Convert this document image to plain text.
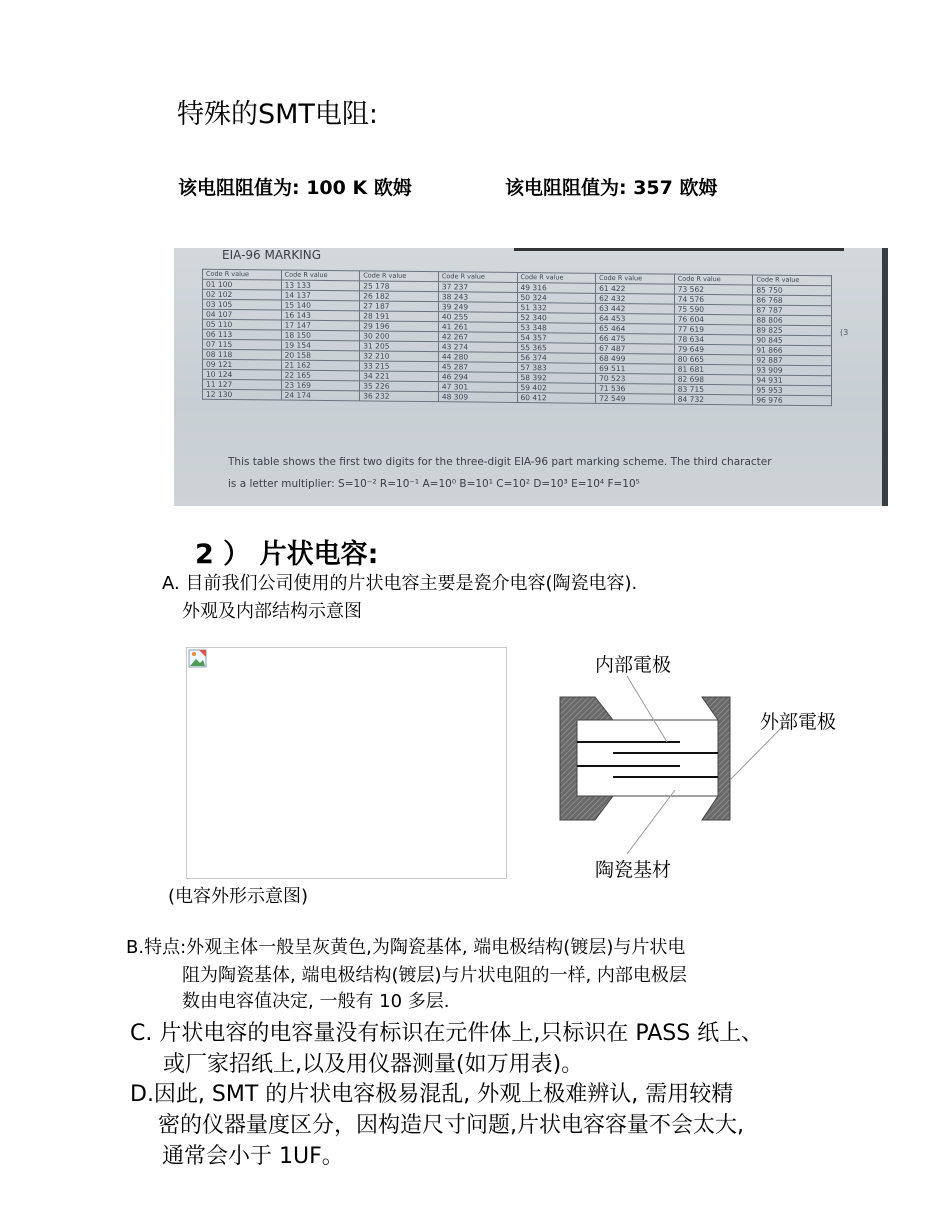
特殊的SMT电阻:
该电阻阻值为: 100 K 欧姆	该电阻阻值为: 357 欧姆
EIA-96 MARKING
Code R value	Code R value	Code R value	Code R value	Code R value	Code R value	Code R value	Code R value
01 100	13 133	25 178	37 237	49 316	61 422	73 562	85 750
02 102	14 137	26 182	38 243	50 324	62 432	74 576	86 768
03 105	15 140	27 187	39 249	51 332	63 442	75 590	87 787
04 107	16 143	28 191	40 255	52 340	64 453	76 604	88 806
05 110	17 147	29 196	41 261	53 348	65 464	77 619	89 825
06 113	18 150	30 200	42 267	54 357	66 475	78 634	90 845
07 115	19 154	31 205	43 274	55 365	67 487	79 649	91 866
08 118	20 158	32 210	44 280	56 374	68 499	80 665	92 887
09 121	21 162	33 215	45 287	57 383	69 511	81 681	93 909
10 124	22 165	34 221	46 294	58 392	70 523	82 698	94 931
11 127	23 169	35 226	47 301	59 402	71 536	83 715	95 953
12 130	24 174	36 232	48 309	60 412	72 549	84 732	96 976
This table shows the first two digits for the three-digit EIA-96 part marking scheme. The third character
is a letter multiplier: S=10⁻² R=10⁻¹ A=10⁰ B=10¹ C=10² D=10³ E=10⁴ F=10⁵
(3
2 ） 片状电容:
A. 目前我们公司使用的片状电容主要是瓷介电容(陶瓷电容).
外观及内部结构示意图
(电容外形示意图)
内部電极
外部電极
陶瓷基材
B.特点:外观主体一般呈灰黄色,为陶瓷基体, 端电极结构(镀层)与片状电
阻为陶瓷基体, 端电极结构(镀层)与片状电阻的一样, 内部电极层
数由电容值决定, 一般有 10 多层.
C. 片状电容的电容量没有标识在元件体上,只标识在 PASS 纸上、
或厂家招纸上,以及用仪器测量(如万用表)。
D.因此, SMT 的片状电容极易混乱, 外观上极难辨认, 需用较精
密的仪器量度区分，因构造尺寸问题,片状电容容量不会太大,
通常会小于 1UF。
